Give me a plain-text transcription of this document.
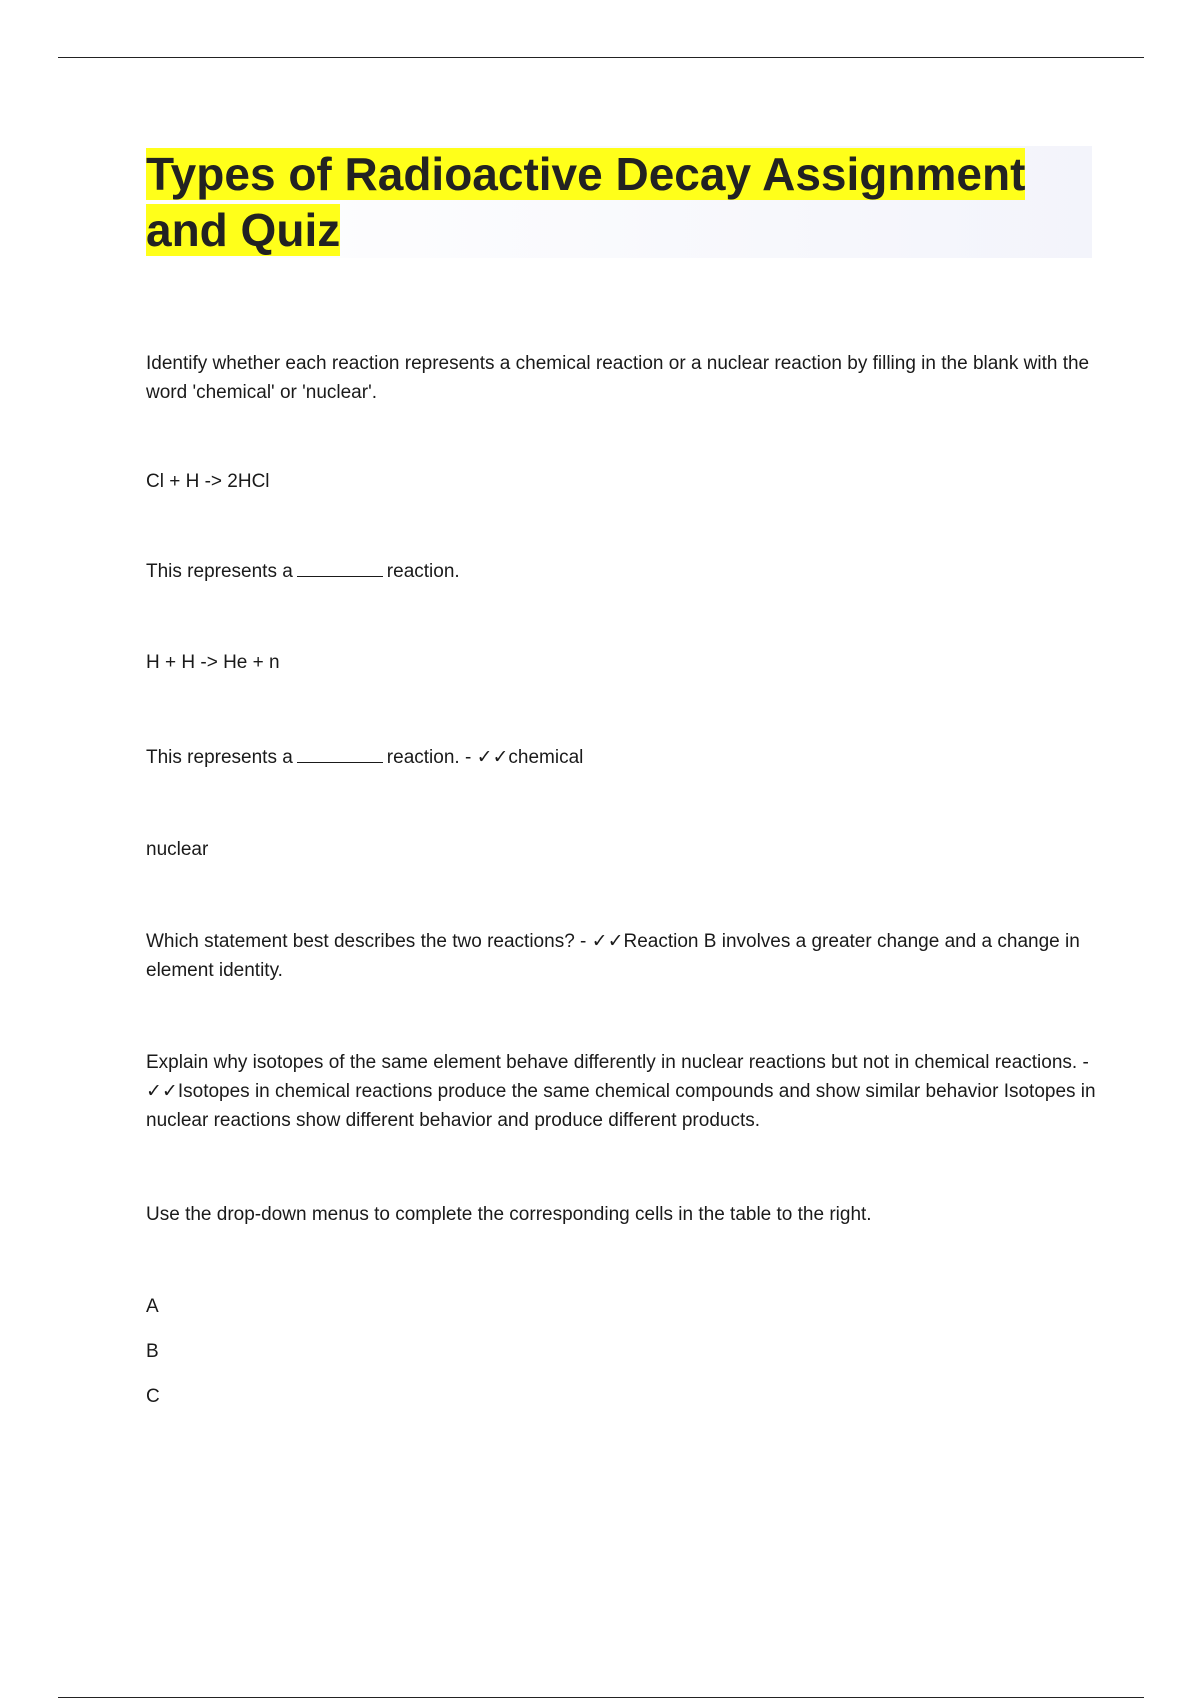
Types of Radioactive Decay Assignment and Quiz

Identify whether each reaction represents a chemical reaction or a nuclear reaction by filling in the blank with the word 'chemical' or 'nuclear'.

Cl + H -> 2HCl

This represents a	reaction.

H + H -> He + n

This represents a	reaction. - ✓✓chemical

nuclear

Which statement best describes the two reactions? - ✓✓Reaction B involves a greater change and a change in element identity.

Explain why isotopes of the same element behave differently in nuclear reactions but not in chemical reactions. - ✓✓Isotopes in chemical reactions produce the same chemical compounds and show similar behavior Isotopes in nuclear reactions show different behavior and produce different products.

Use the drop-down menus to complete the corresponding cells in the table to the right.

A

B

C
